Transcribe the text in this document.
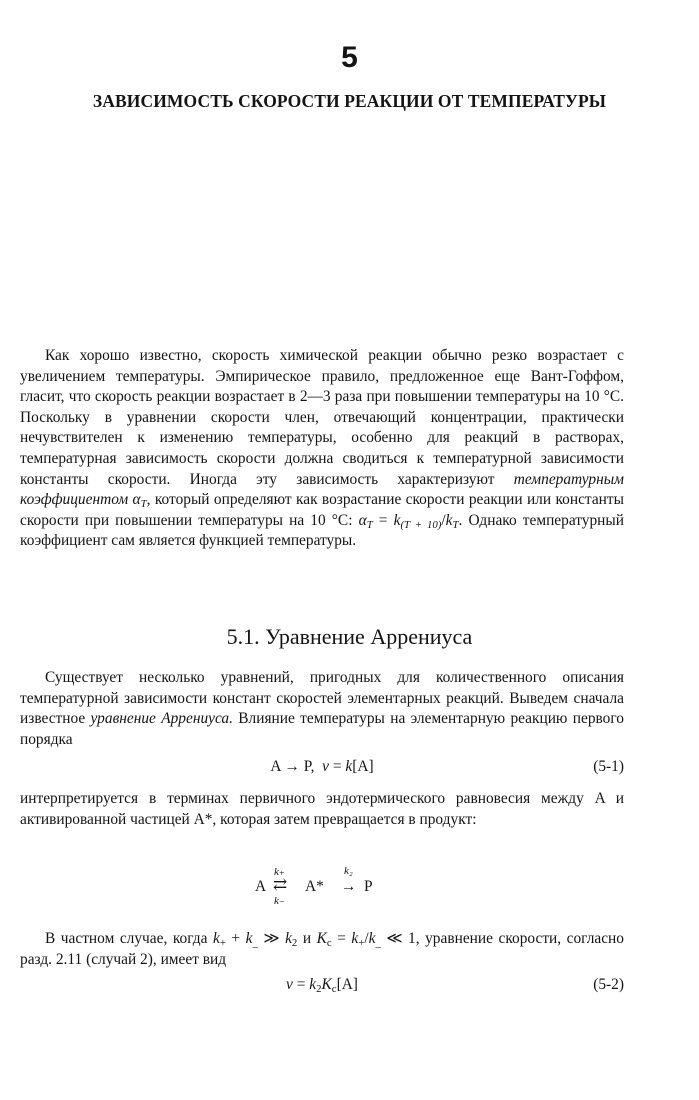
5
ЗАВИСИМОСТЬ СКОРОСТИ РЕАКЦИИ ОТ ТЕМПЕРАТУРЫ

Как хорошо известно, скорость химической реакции обычно резко возрастает с увеличением температуры. Эмпирическое правило, предложенное еще Вант-Гоффом, гласит, что скорость реакции возрастает в 2—3 раза при повышении температуры на 10 °С. Поскольку в уравнении скорости член, отвечающий концентрации, практически нечувствителен к изменению температуры, особенно для реакций в растворах, температурная зависимость скорости должна сводиться к температурной зависимости константы скорости. Иногда эту зависимость характеризуют температурным коэффициентом $\alpha_T$, который определяют как возрастание скорости реакции или константы скорости при повышении температуры на 10 °С: $\alpha_T = k_{(T + 10)}/k_T$. Однако температурный коэффициент сам является функцией температуры.

5.1. Уравнение Аррениуса

Существует несколько уравнений, пригодных для количественного описания температурной зависимости констант скоростей элементарных реакций. Выведем сначала известное уравнение Аррениуса. Влияние температуры на элементарную реакцию первого порядка

A → P, v = k[A]	(5-1)

интерпретируется в терминах первичного эндотермического равновесия между A и активированной частицей A*, которая затем превращается в продукт:

A
k₊
⇄
k₋
A*
k₂
→ P

В частном случае, когда $k_+ + k_{\_}$ ≫ $k_2$ и $K_c = k_+/k_{\_}$ ≪ 1, уравнение скорости, согласно разд. 2.11 (случай 2), имеет вид

$v = k_2K_c[A]$	(5-2)
